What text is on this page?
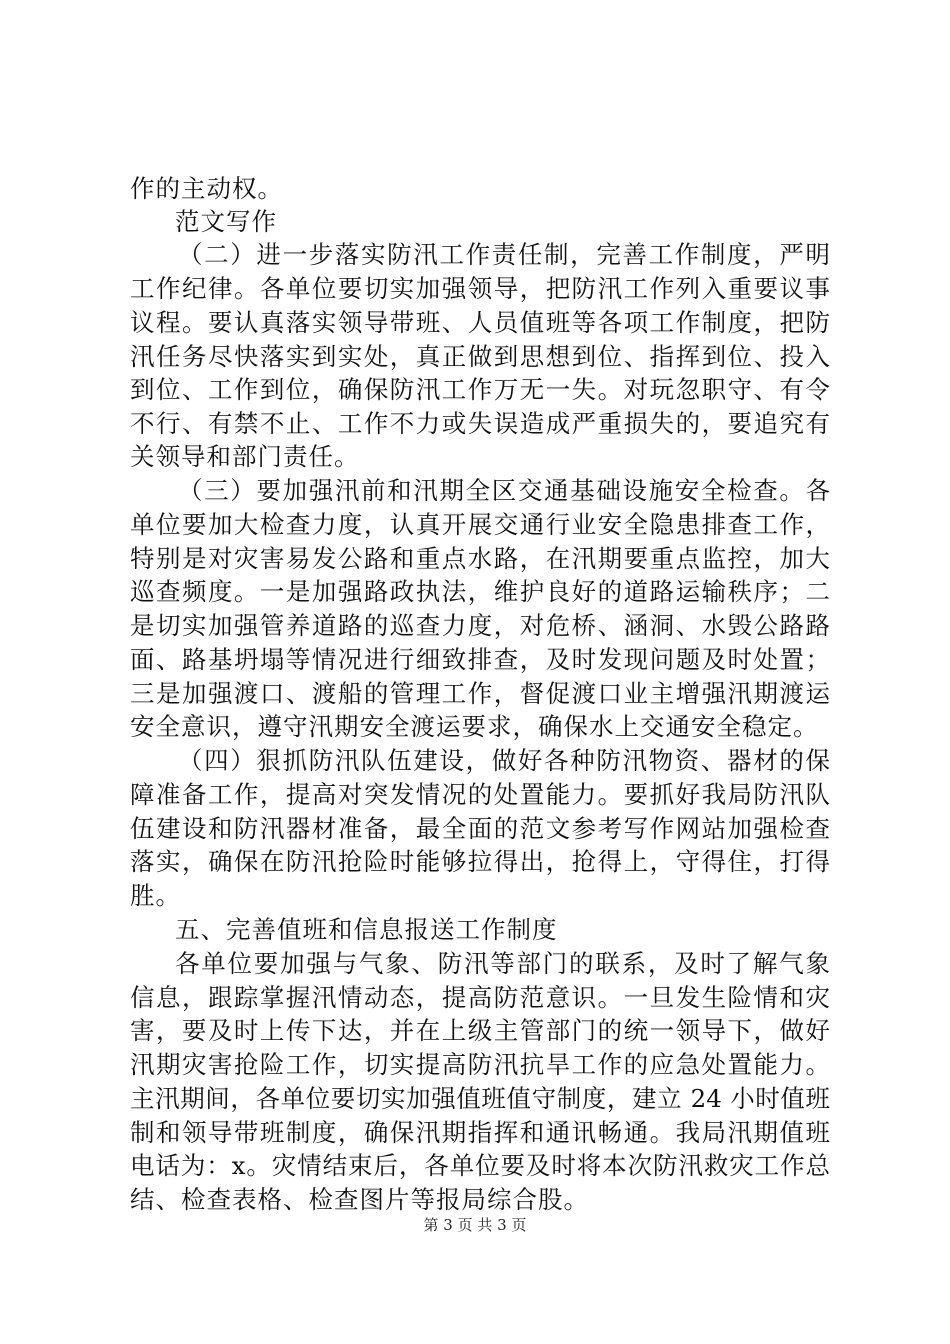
作的主动权。
范文写作
（二）进一步落实防汛工作责任制，完善工作制度，严明
工作纪律。各单位要切实加强领导，把防汛工作列入重要议事
议程。要认真落实领导带班、人员值班等各项工作制度，把防
汛任务尽快落实到实处，真正做到思想到位、指挥到位、投入
到位、工作到位，确保防汛工作万无一失。对玩忽职守、有令
不行、有禁不止、工作不力或失误造成严重损失的，要追究有
关领导和部门责任。
（三）要加强汛前和汛期全区交通基础设施安全检查。各
单位要加大检查力度，认真开展交通行业安全隐患排查工作，
特别是对灾害易发公路和重点水路，在汛期要重点监控，加大
巡查频度。一是加强路政执法，维护良好的道路运输秩序；二
是切实加强管养道路的巡查力度，对危桥、涵洞、水毁公路路
面、路基坍塌等情况进行细致排查，及时发现问题及时处置；
三是加强渡口、渡船的管理工作，督促渡口业主增强汛期渡运
安全意识，遵守汛期安全渡运要求，确保水上交通安全稳定。
（四）狠抓防汛队伍建设，做好各种防汛物资、器材的保
障准备工作，提高对突发情况的处置能力。要抓好我局防汛队
伍建设和防汛器材准备，最全面的范文参考写作网站加强检查
落实，确保在防汛抢险时能够拉得出，抢得上，守得住，打得
胜。
五、完善值班和信息报送工作制度
各单位要加强与气象、防汛等部门的联系，及时了解气象
信息，跟踪掌握汛情动态，提高防范意识。一旦发生险情和灾
害，要及时上传下达，并在上级主管部门的统一领导下，做好
汛期灾害抢险工作，切实提高防汛抗旱工作的应急处置能力。
主汛期间，各单位要切实加强值班值守制度，建立 24 小时值班
制和领导带班制度，确保汛期指挥和通讯畅通。我局汛期值班
电话为：x。灾情结束后，各单位要及时将本次防汛救灾工作总
结、检查表格、检查图片等报局综合股。
第 3 页 共 3 页
